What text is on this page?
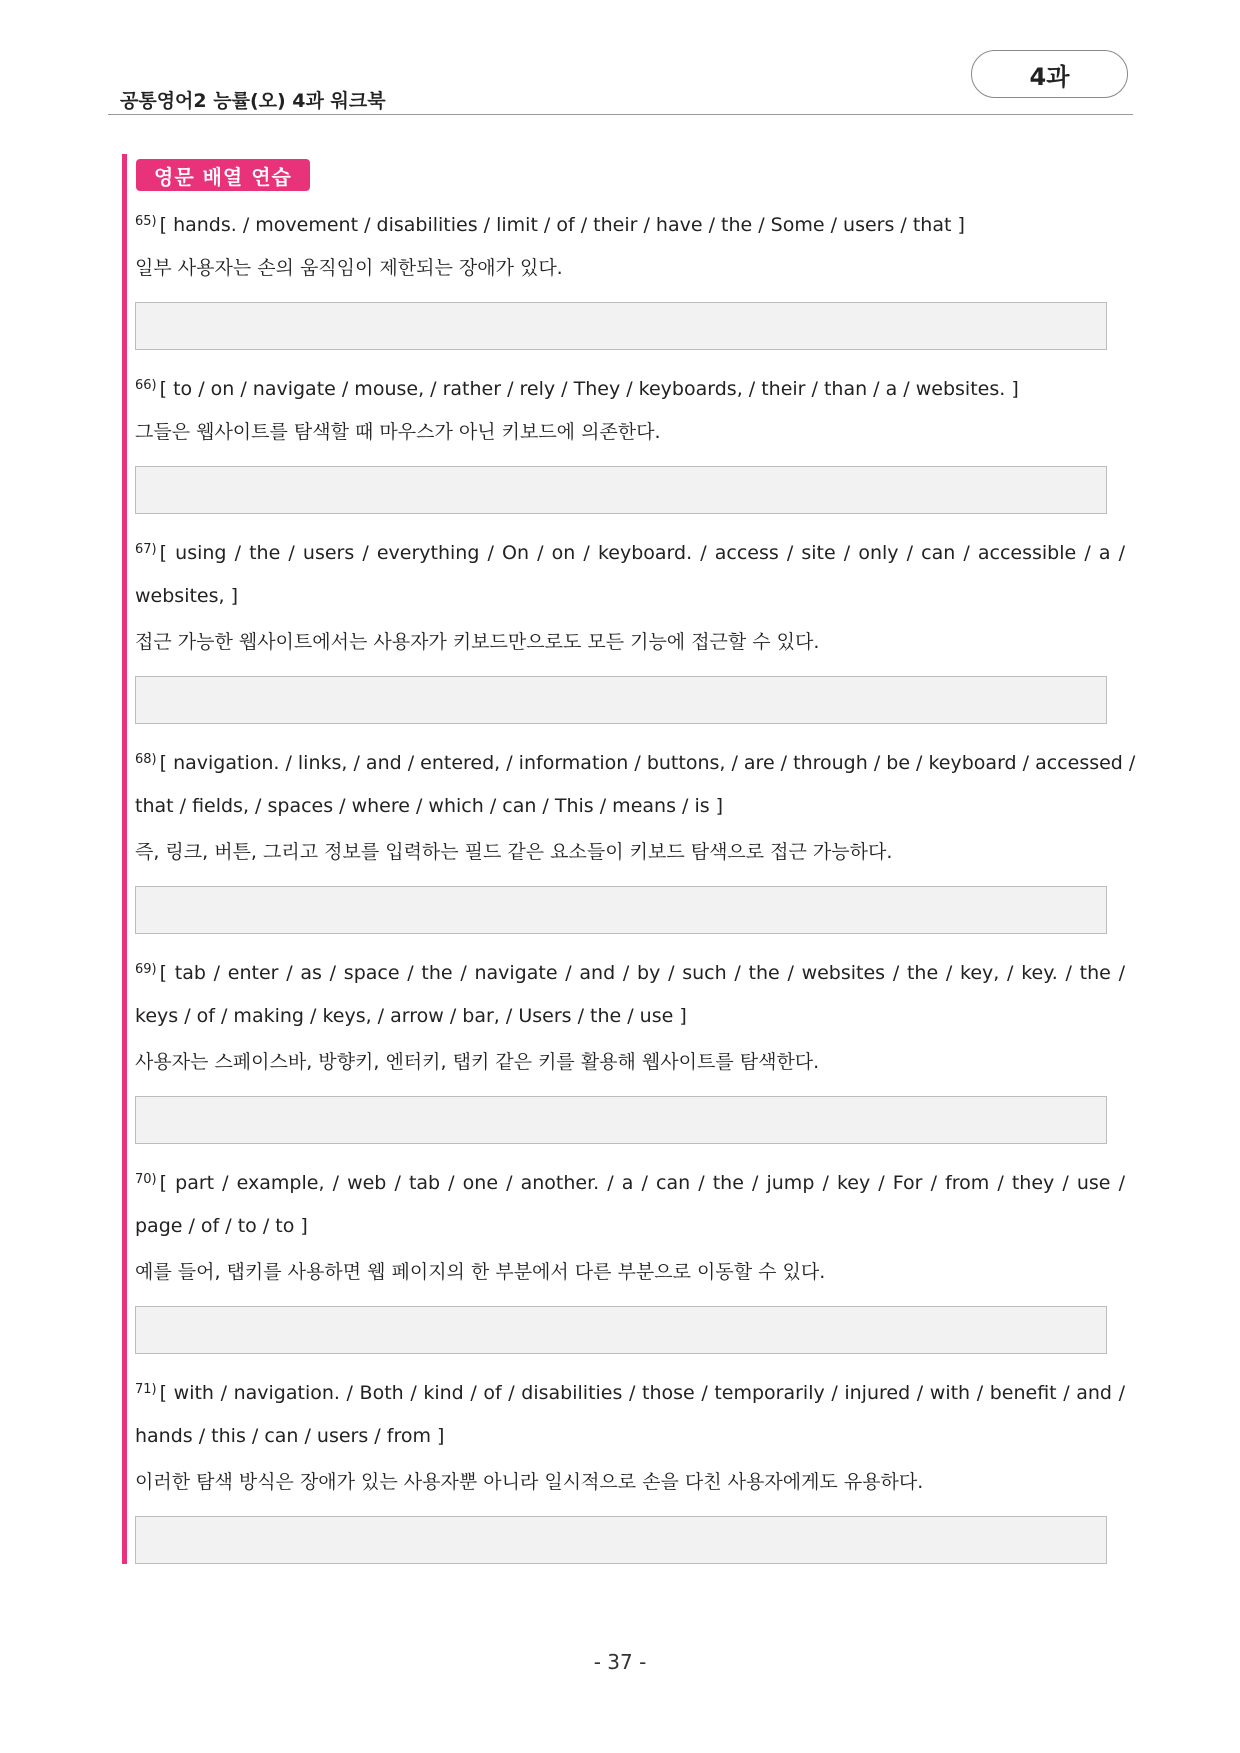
공통영어2 능률(오) 4과 워크북
4과
영문 배열 연습
$^{65)}$ [ hands. / movement / disabilities / limit / of / their / have / the / Some / users / that ]
일부 사용자는 손의 움직임이 제한되는 장애가 있다.
$^{66)}$ [ to / on / navigate / mouse, / rather / rely / They / keyboards, / their / than / a / websites. ]
그들은 웹사이트를 탐색할 때 마우스가 아닌 키보드에 의존한다.
$^{67)}$ [ using / the / users / everything / On / on / keyboard. / access / site / only / can / accessible / a /
websites, ]
접근 가능한 웹사이트에서는 사용자가 키보드만으로도 모든 기능에 접근할 수 있다.
$^{68)}$ [ navigation. / links, / and / entered, / information / buttons, / are / through / be / keyboard / accessed /
that / fields, / spaces / where / which / can / This / means / is ]
즉, 링크, 버튼, 그리고 정보를 입력하는 필드 같은 요소들이 키보드 탐색으로 접근 가능하다.
$^{69)}$ [ tab / enter / as / space / the / navigate / and / by / such / the / websites / the / key, / key. / the /
keys / of / making / keys, / arrow / bar, / Users / the / use ]
사용자는 스페이스바, 방향키, 엔터키, 탭키 같은 키를 활용해 웹사이트를 탐색한다.
$^{70)}$ [ part / example, / web / tab / one / another. / a / can / the / jump / key / For / from / they / use /
page / of / to / to ]
예를 들어, 탭키를 사용하면 웹 페이지의 한 부분에서 다른 부분으로 이동할 수 있다.
$^{71)}$ [ with / navigation. / Both / kind / of / disabilities / those / temporarily / injured / with / benefit / and /
hands / this / can / users / from ]
이러한 탐색 방식은 장애가 있는 사용자뿐 아니라 일시적으로 손을 다친 사용자에게도 유용하다.
- 37 -
